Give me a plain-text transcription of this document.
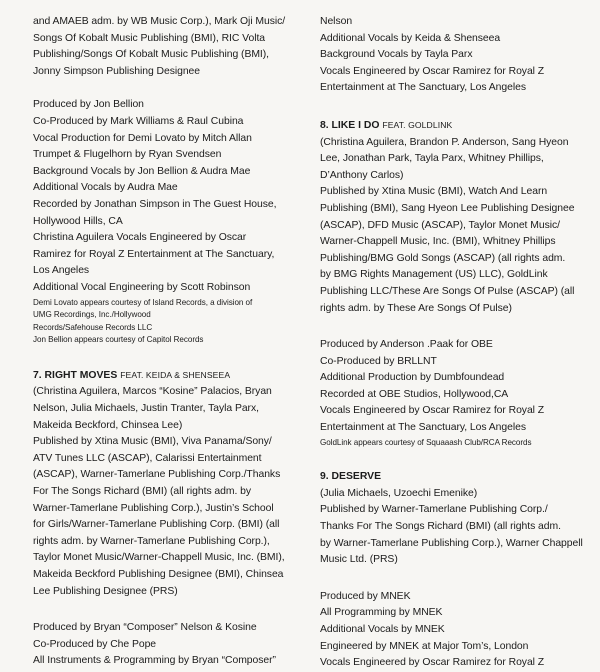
and AMAEB adm. by WB Music Corp.), Mark Oji Music/
Songs Of Kobalt Music Publishing (BMI), RIC Volta
Publishing/Songs Of Kobalt Music Publishing (BMI),
Jonny Simpson Publishing Designee
Produced by Jon Bellion
Co-Produced by Mark Williams & Raul Cubina
Vocal Production for Demi Lovato by Mitch Allan
Trumpet & Flugelhorn by Ryan Svendsen
Background Vocals by Jon Bellion & Audra Mae
Additional Vocals by Audra Mae
Recorded by Jonathan Simpson in The Guest House,
Hollywood Hills, CA
Christina Aguilera Vocals Engineered by Oscar
Ramirez for Royal Z Entertainment at The Sanctuary,
Los Angeles
Additional Vocal Engineering by Scott Robinson
Demi Lovato appears courtesy of Island Records, a division of
UMG Recordings, Inc./Hollywood
Records/Safehouse Records LLC
Jon Bellion appears courtesy of Capitol Records
7. RIGHT MOVES FEAT. KEIDA & SHENSEEA
(Christina Aguilera, Marcos “Kosine” Palacios, Bryan
Nelson, Julia Michaels, Justin Tranter, Tayla Parx,
Makeida Beckford, Chinsea Lee)
Published by Xtina Music (BMI), Viva Panama/Sony/
ATV Tunes LLC (ASCAP), Calarissi Entertainment
(ASCAP), Warner-Tamerlane Publishing Corp./Thanks
For The Songs Richard (BMI) (all rights adm. by
Warner-Tamerlane Publishing Corp.), Justin’s School
for Girls/Warner-Tamerlane Publishing Corp. (BMI) (all
rights adm. by Warner-Tamerlane Publishing Corp.),
Taylor Monet Music/Warner-Chappell Music, Inc. (BMI),
Makeida Beckford Publishing Designee (BMI), Chinsea
Lee Publishing Designee (PRS)
Produced by Bryan “Composer” Nelson & Kosine
Co-Produced by Che Pope
All Instruments & Programming by Bryan “Composer”
Nelson
Additional Vocals by Keida & Shenseea
Background Vocals by Tayla Parx
Vocals Engineered by Oscar Ramirez for Royal Z
Entertainment at The Sanctuary, Los Angeles
8. LIKE I DO FEAT. GOLDLINK
(Christina Aguilera, Brandon P. Anderson, Sang Hyeon
Lee, Jonathan Park, Tayla Parx, Whitney Phillips,
D’Anthony Carlos)
Published by Xtina Music (BMI), Watch And Learn
Publishing (BMI), Sang Hyeon Lee Publishing Designee
(ASCAP), DFD Music (ASCAP), Taylor Monet Music/
Warner-Chappell Music, Inc. (BMI), Whitney Phillips
Publishing/BMG Gold Songs (ASCAP) (all rights adm.
by BMG Rights Management (US) LLC), GoldLink
Publishing LLC/These Are Songs Of Pulse (ASCAP) (all
rights adm. by These Are Songs Of Pulse)
Produced by Anderson .Paak for OBE
Co-Produced by BRLLNT
Additional Production by Dumbfoundead
Recorded at OBE Studios, Hollywood,CA
Vocals Engineered by Oscar Ramirez for Royal Z
Entertainment at The Sanctuary, Los Angeles
GoldLink appears courtesy of Squaaash Club/RCA Records
9. DESERVE
(Julia Michaels, Uzoechi Emenike)
Published by Warner-Tamerlane Publishing Corp./
Thanks For The Songs Richard (BMI) (all rights adm.
by Warner-Tamerlane Publishing Corp.), Warner Chappell
Music Ltd. (PRS)
Produced by MNEK
All Programming by MNEK
Additional Vocals by MNEK
Engineered by MNEK at Major Tom’s, London
Vocals Engineered by Oscar Ramirez for Royal Z
